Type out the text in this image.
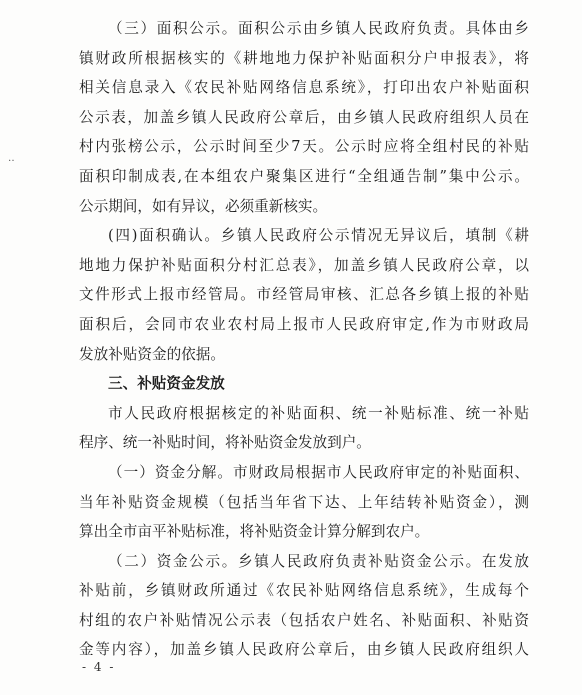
‥
（三）面积公示。面积公示由乡镇人民政府负责。具体由乡
镇财政所根据核实的《耕地地力保护补贴面积分户申报表》，将
相关信息录入《农民补贴网络信息系统》，打印出农户补贴面积
公示表，加盖乡镇人民政府公章后，由乡镇人民政府组织人员在
村内张榜公示，公示时间至少7天。公示时应将全组村民的补贴
面积印制成表,在本组农户聚集区进行“全组通告制”集中公示。
公示期间，如有异议，必须重新核实。
(四)面积确认。乡镇人民政府公示情况无异议后，填制《耕
地地力保护补贴面积分村汇总表》，加盖乡镇人民政府公章，以
文件形式上报市经管局。市经管局审核、汇总各乡镇上报的补贴
面积后，会同市农业农村局上报市人民政府审定,作为市财政局
发放补贴资金的依据。
三、补贴资金发放
市人民政府根据核定的补贴面积、统一补贴标准、统一补贴
程序、统一补贴时间，将补贴资金发放到户。
（一）资金分解。市财政局根据市人民政府审定的补贴面积、
当年补贴资金规模（包括当年省下达、上年结转补贴资金），测
算出全市亩平补贴标准，将补贴资金计算分解到农户。
（二）资金公示。乡镇人民政府负责补贴资金公示。在发放
补贴前，乡镇财政所通过《农民补贴网络信息系统》，生成每个
村组的农户补贴情况公示表（包括农户姓名、补贴面积、补贴资
金等内容），加盖乡镇人民政府公章后，由乡镇人民政府组织人
- 4 -
